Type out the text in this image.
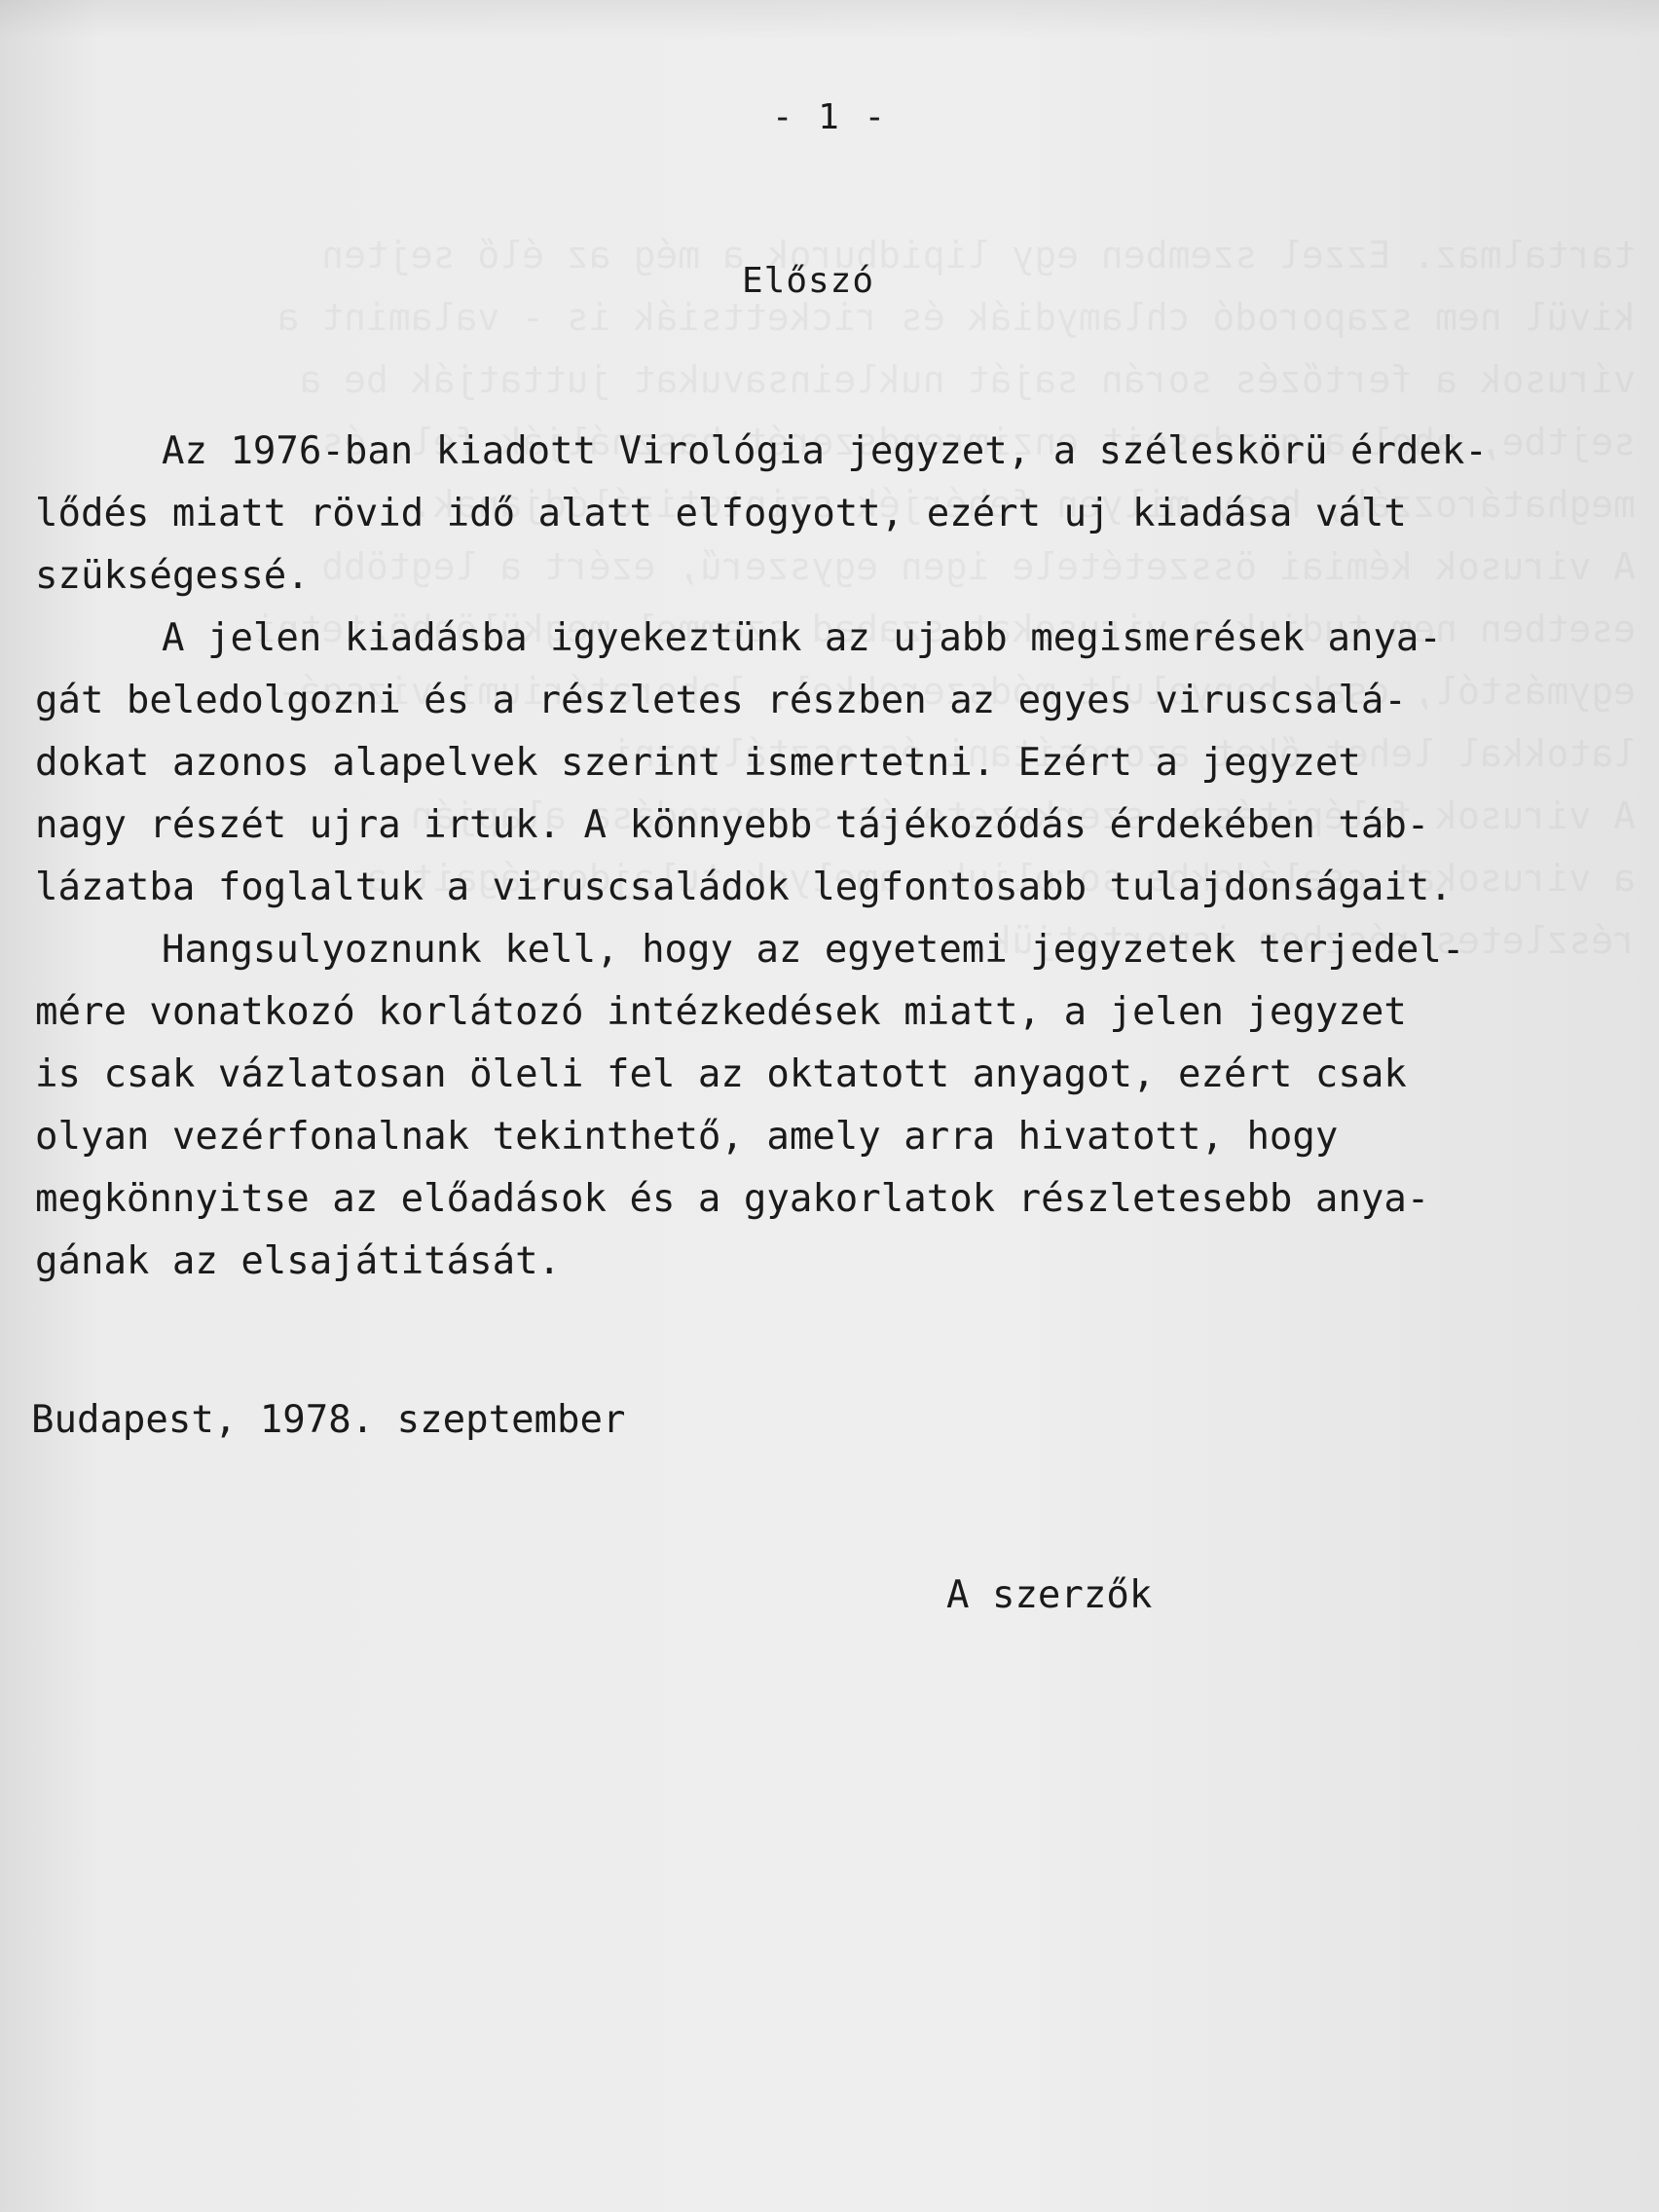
- 1 -
Előszó
Az 1976-ban kiadott Virológia jegyzet, a széleskörü érdek-
lődés miatt rövid idő alatt elfogyott, ezért uj kiadása vált
szükségessé.
A jelen kiadásba igyekeztünk az ujabb megismerések anya-
gát beledolgozni és a részletes részben az egyes viruscsalá-
dokat azonos alapelvek szerint ismertetni. Ezért a jegyzet
nagy részét ujra irtuk. A könnyebb tájékozódás érdekében táb-
lázatba foglaltuk a viruscsaládok legfontosabb tulajdonságait.
Hangsulyoznunk kell, hogy az egyetemi jegyzetek terjedel-
mére vonatkozó korlátozó intézkedések miatt, a jelen jegyzet
is csak vázlatosan öleli fel az oktatott anyagot, ezért csak
olyan vezérfonalnak tekinthető, amely arra hivatott, hogy
megkönnyitse az előadások és a gyakorlatok részletesebb anya-
gának az elsajátitását.
Budapest, 1978. szeptember
A szerzők
